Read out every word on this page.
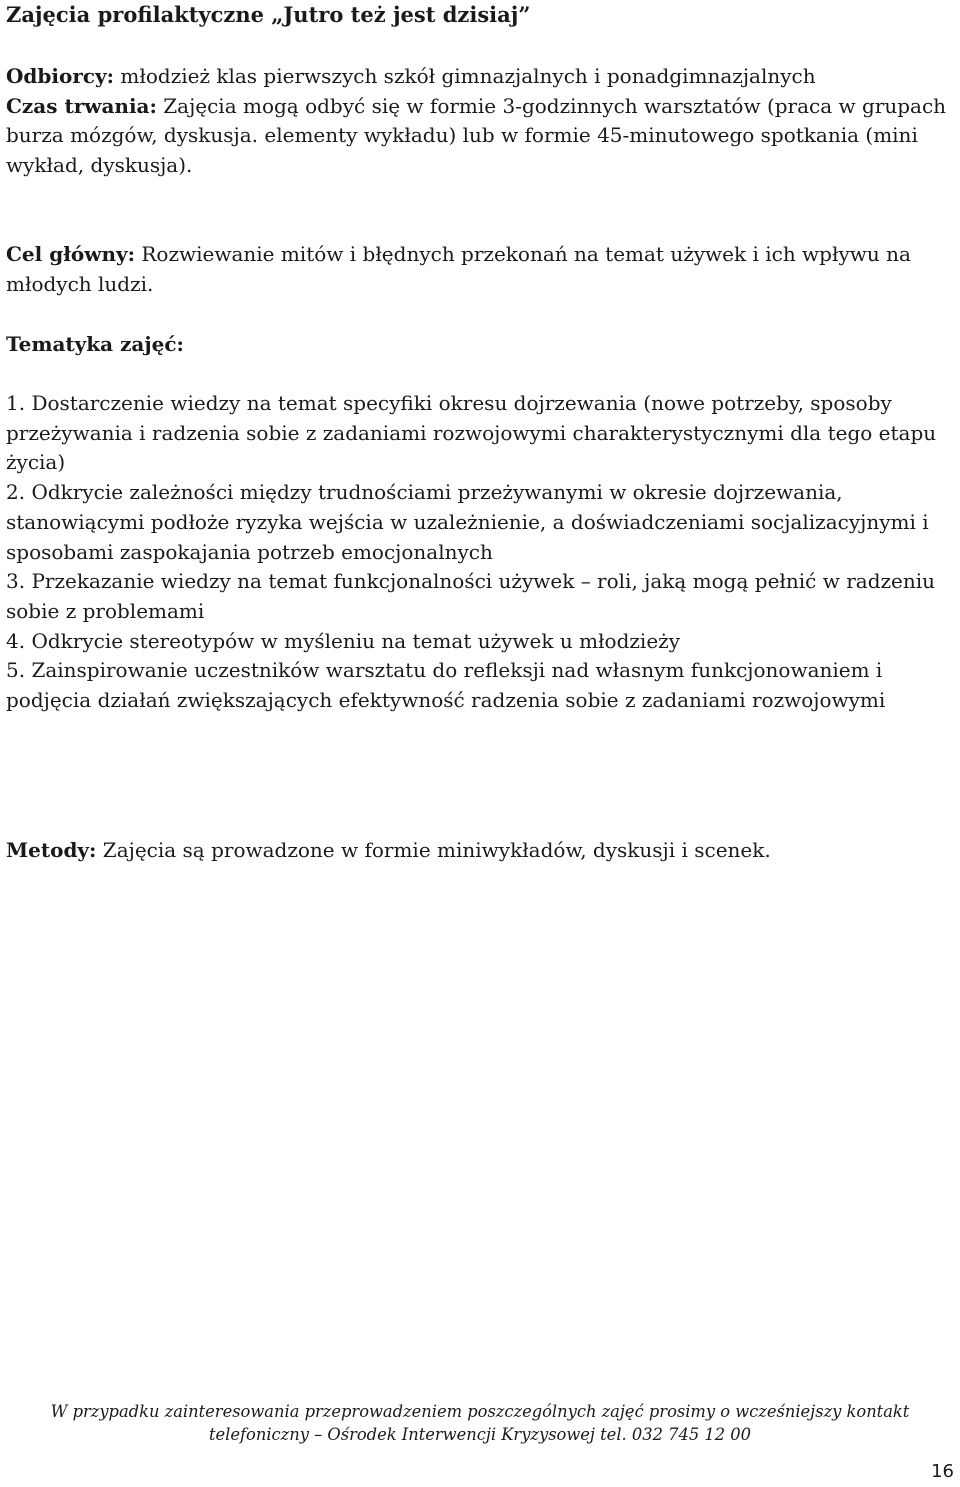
Zajęcia profilaktyczne „Jutro też jest dzisiaj”
Odbiorcy: młodzież klas pierwszych szkół gimnazjalnych i ponadgimnazjalnych
Czas trwania: Zajęcia mogą odbyć się w formie 3-godzinnych warsztatów (praca w grupach burza mózgów, dyskusja. elementy wykładu) lub w formie 45-minutowego spotkania (mini wykład, dyskusja).
Cel główny: Rozwiewanie mitów i błędnych przekonań na temat używek i ich wpływu na młodych ludzi.
Tematyka zajęć:
1. Dostarczenie wiedzy na temat specyfiki okresu dojrzewania (nowe potrzeby, sposoby przeżywania i radzenia sobie z zadaniami rozwojowymi charakterystycznymi dla tego etapu życia)
2. Odkrycie zależności między trudnościami przeżywanymi w okresie dojrzewania, stanowiącymi podłoże ryzyka wejścia w uzależnienie, a doświadczeniami socjalizacyjnymi i sposobami zaspokajania potrzeb emocjonalnych
3. Przekazanie wiedzy na temat funkcjonalności używek – roli, jaką mogą pełnić w radzeniu sobie z problemami
4. Odkrycie stereotypów w myśleniu na temat używek u młodzieży
5. Zainspirowanie uczestników warsztatu do refleksji nad własnym funkcjonowaniem i podjęcia działań zwiększających efektywność radzenia sobie z zadaniami rozwojowymi
Metody: Zajęcia są prowadzone w formie miniwykładów, dyskusji i scenek.
W przypadku zainteresowania przeprowadzeniem poszczególnych zajęć prosimy o wcześniejszy kontakt
telefoniczny – Ośrodek Interwencji Kryzysowej tel. 032 745 12 00
16
